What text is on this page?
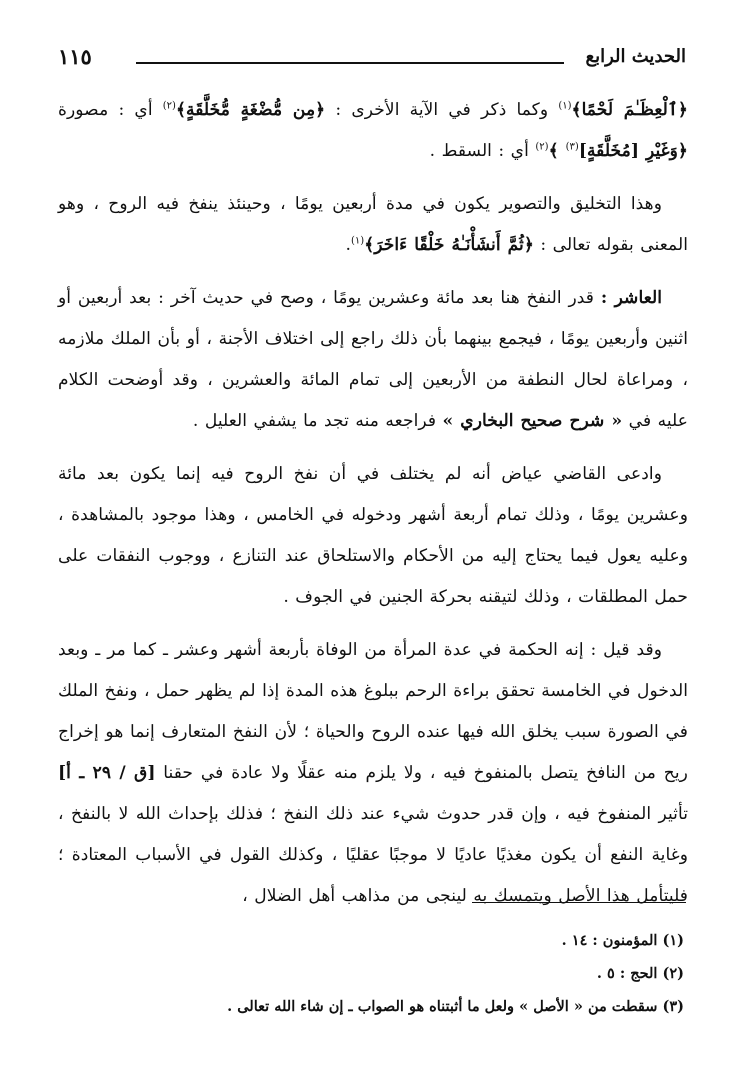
الحديث الرابع
١١٥

﴿ٱلْعِظَـٰمَ لَحْمًا﴾$^{(١)}$ وكما ذكر في الآية الأخرى : ﴿مِن مُّضْغَةٍ مُّخَلَّقَةٍ﴾$^{(٢)}$ أي : مصورة ﴿وَغَيْرِ [مُخَلَّقَةٍ]$^{(٣)}$ ﴾$^{(٢)}$ أي : السقط .

وهذا التخليق والتصوير يكون في مدة أربعين يومًا ، وحينئذ ينفخ فيه الروح ، وهو المعنى بقوله تعالى : ﴿ثُمَّ أَنشَأْنَـٰهُ خَلْقًا ءَاخَرَ﴾$^{(١)}$.

العاشر : قدر النفخ هنا بعد مائة وعشرين يومًا ، وصح في حديث آخر : بعد أربعين أو اثنين وأربعين يومًا ، فيجمع بينهما بأن ذلك راجع إلى اختلاف الأجنة ، أو بأن الملك ملازمه ، ومراعاة لحال النطفة من الأربعين إلى تمام المائة والعشرين ، وقد أوضحت الكلام عليه في « شرح صحيح البخاري » فراجعه منه تجد ما يشفي العليل .

وادعى القاضي عياض أنه لم يختلف في أن نفخ الروح فيه إنما يكون بعد مائة وعشرين يومًا ، وذلك تمام أربعة أشهر ودخوله في الخامس ، وهذا موجود بالمشاهدة ، وعليه يعول فيما يحتاج إليه من الأحكام والاستلحاق عند التنازع ، ووجوب النفقات على حمل المطلقات ، وذلك لتيقنه بحركة الجنين في الجوف .

وقد قيل : إنه الحكمة في عدة المرأة من الوفاة بأربعة أشهر وعشر ـ كما مر ـ وبعد الدخول في الخامسة تحقق براءة الرحم ببلوغ هذه المدة إذا لم يظهر حمل ، ونفخ الملك في الصورة سبب يخلق الله فيها عنده الروح والحياة ؛ لأن النفخ المتعارف إنما هو إخراج ريح من النافخ يتصل بالمنفوخ فيه ، ولا يلزم منه عقلًا ولا عادة في حقنا [ق / ٢٩ ـ أ] تأثير المنفوخ فيه ، وإن قدر حدوث شيء عند ذلك النفخ ؛ فذلك بإحداث الله لا بالنفخ ، وغاية النفع أن يكون مغذيًا عاديًا لا موجبًا عقليًا ، وكذلك القول في الأسباب المعتادة ؛ فليتأمل هذا الأصل ويتمسك به لينجى من مذاهب أهل الضلال ،

(١) المؤمنون : ١٤ .
(٢) الحج : ٥ .
(٣) سقطت من « الأصل » ولعل ما أثبتناه هو الصواب ـ إن شاء الله تعالى .
